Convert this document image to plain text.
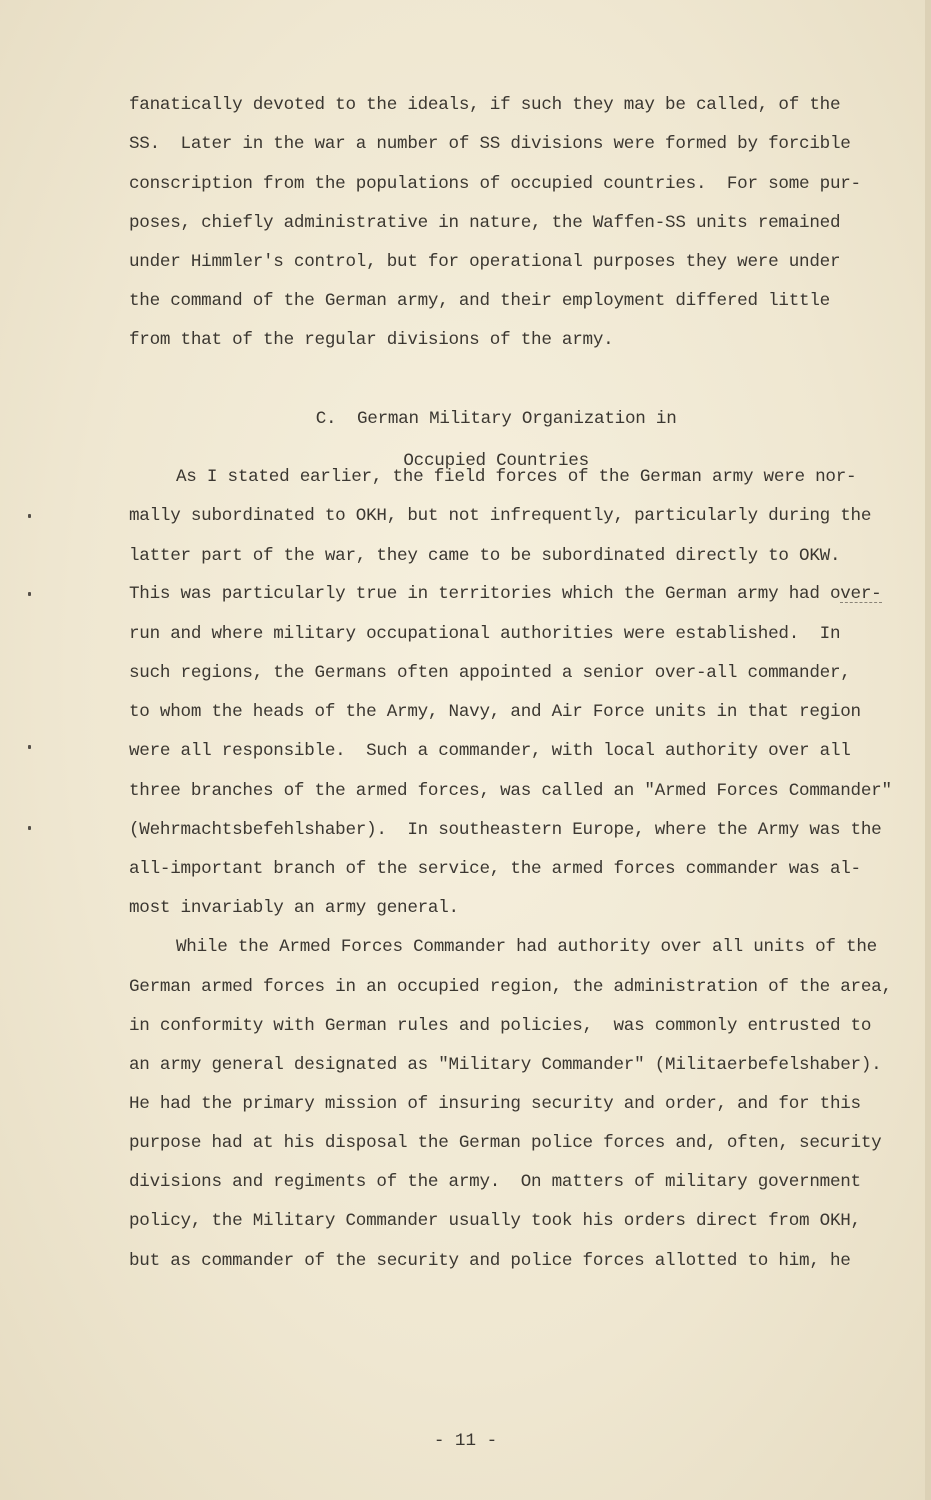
fanatically devoted to the ideals, if such they may be called, of the
SS.  Later in the war a number of SS divisions were formed by forcible
conscription from the populations of occupied countries.  For some pur-
poses, chiefly administrative in nature, the Waffen-SS units remained
under Himmler's control, but for operational purposes they were under
the command of the German army, and their employment differed little
from that of the regular divisions of the army.

C.  German Military Organization in

Occupied Countries

As I stated earlier, the field forces of the German army were nor-
mally subordinated to OKH, but not infrequently, particularly during the
latter part of the war, they came to be subordinated directly to OKW.
This was particularly true in territories which the German army had over-
run and where military occupational authorities were established.  In
such regions, the Germans often appointed a senior over-all commander,
to whom the heads of the Army, Navy, and Air Force units in that region
were all responsible.  Such a commander, with local authority over all
three branches of the armed forces, was called an "Armed Forces Commander"
(Wehrmachtsbefehlshaber).  In southeastern Europe, where the Army was the
all-important branch of the service, the armed forces commander was al-
most invariably an army general.
While the Armed Forces Commander had authority over all units of the
German armed forces in an occupied region, the administration of the area,
in conformity with German rules and policies,  was commonly entrusted to
an army general designated as "Military Commander" (Militaerbefelshaber).
He had the primary mission of insuring security and order, and for this
purpose had at his disposal the German police forces and, often, security
divisions and regiments of the army.  On matters of military government
policy, the Military Commander usually took his orders direct from OKH,
but as commander of the security and police forces allotted to him, he
- 11 -
